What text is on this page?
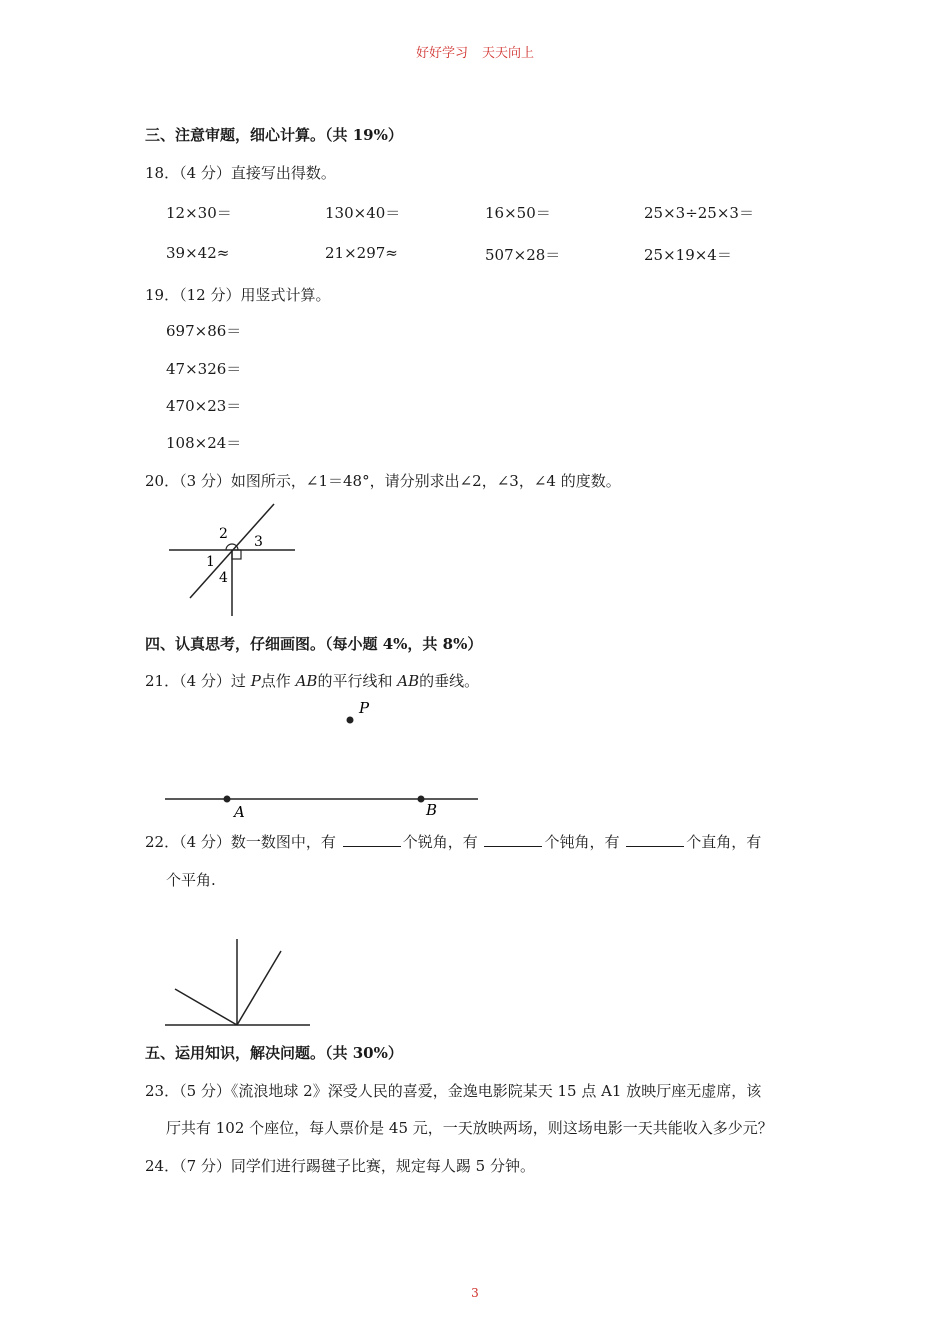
好好学习 天天向上
三、注意审题，细心计算。（共 19%）
18．（4 分）直接写出得数。
12×30＝	130×40＝	16×50＝	25×3÷25×3＝
39×42≈	21×297≈	507×28＝	25×19×4＝
19．（12 分）用竖式计算。
697×86＝
47×326＝
470×23＝
108×24＝
20．（3 分）如图所示，∠1＝48°，请分别求出∠2，∠3，∠4 的度数。
1
2 3
4
四、认真思考，仔细画图。（每小题 4%，共 8%）
21．（4 分）过 P点作 AB的平行线和 AB的垂线。
P
A	B
22．（4 分）数一数图中，有	个锐角，有	个钝角，有	个直角，有
个平角.
五、运用知识，解决问题。（共 30%）
23．（5 分）《流浪地球 2》深受人民的喜爱，金逸电影院某天 15 点 A1 放映厅座无虚席，该
厅共有 102 个座位，每人票价是 45 元，一天放映两场，则这场电影一天共能收入多少元？
24．（7 分）同学们进行踢毽子比赛，规定每人踢 5 分钟。
3
